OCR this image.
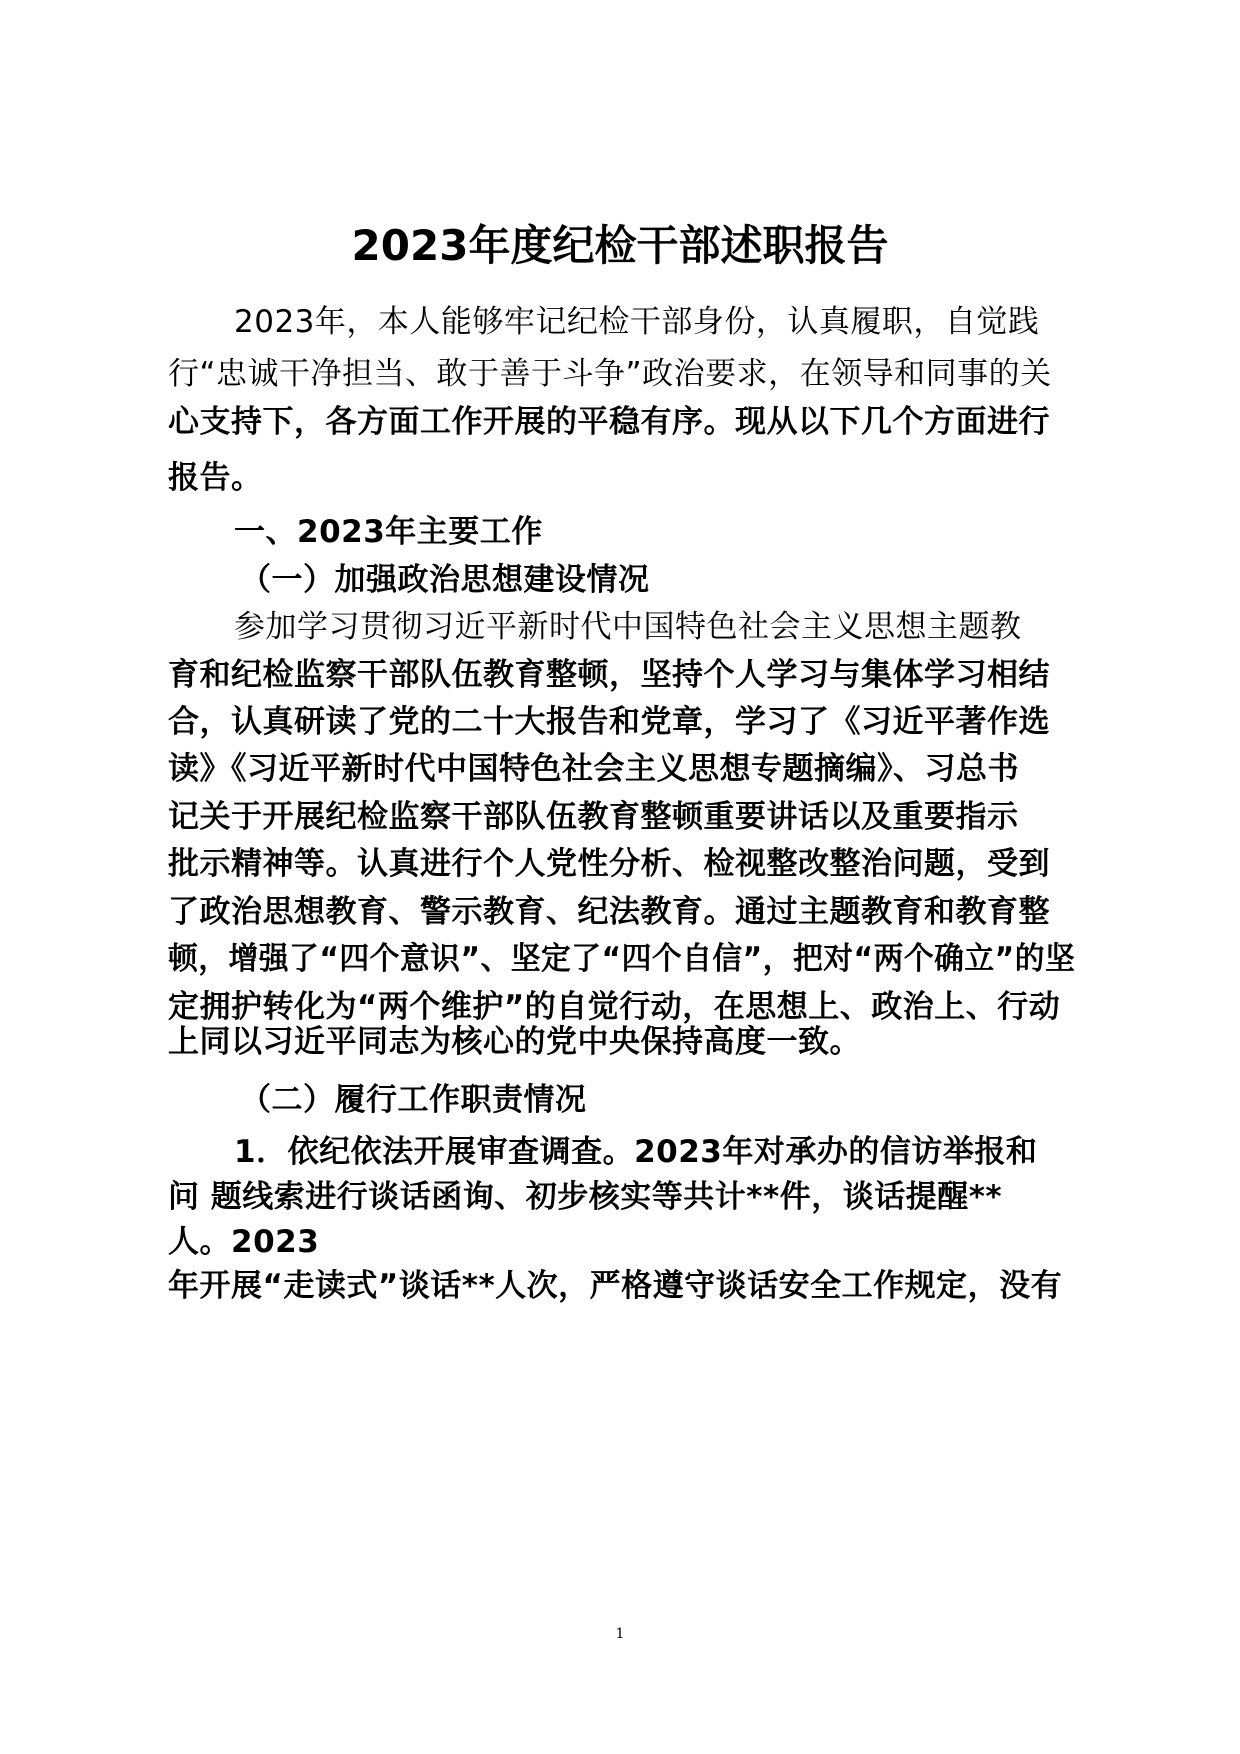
2023年度纪检干部述职报告
2023年，本人能够牢记纪检干部身份，认真履职，自觉践
行“忠诚干净担当、敢于善于斗争”政治要求，在领导和同事的关
心支持下，各方面工作开展的平稳有序。现从以下几个方面进行
报告。
一、2023年主要工作
（一）加强政治思想建设情况
参加学习贯彻习近平新时代中国特色社会主义思想主题教
育和纪检监察干部队伍教育整顿，坚持个人学习与集体学习相结
合，认真研读了党的二十大报告和党章，学习了《习近平著作选
读》《习近平新时代中国特色社会主义思想专题摘编》、习总书
记关于开展纪检监察干部队伍教育整顿重要讲话以及重要指示
批示精神等。认真进行个人党性分析、检视整改整治问题，受到
了政治思想教育、警示教育、纪法教育。通过主题教育和教育整
顿，增强了“四个意识”、坚定了“四个自信”，把对“两个确立”的坚
定拥护转化为“两个维护”的自觉行动，在思想上、政治上、行动
上同以习近平同志为核心的党中央保持高度一致。
（二）履行工作职责情况
1．依纪依法开展审查调查。2023年对承办的信访举报和
问 题线索进行谈话函询、初步核实等共计**件，谈话提醒**
人。2023
年开展“走读式”谈话**人次，严格遵守谈话安全工作规定，没有
1
